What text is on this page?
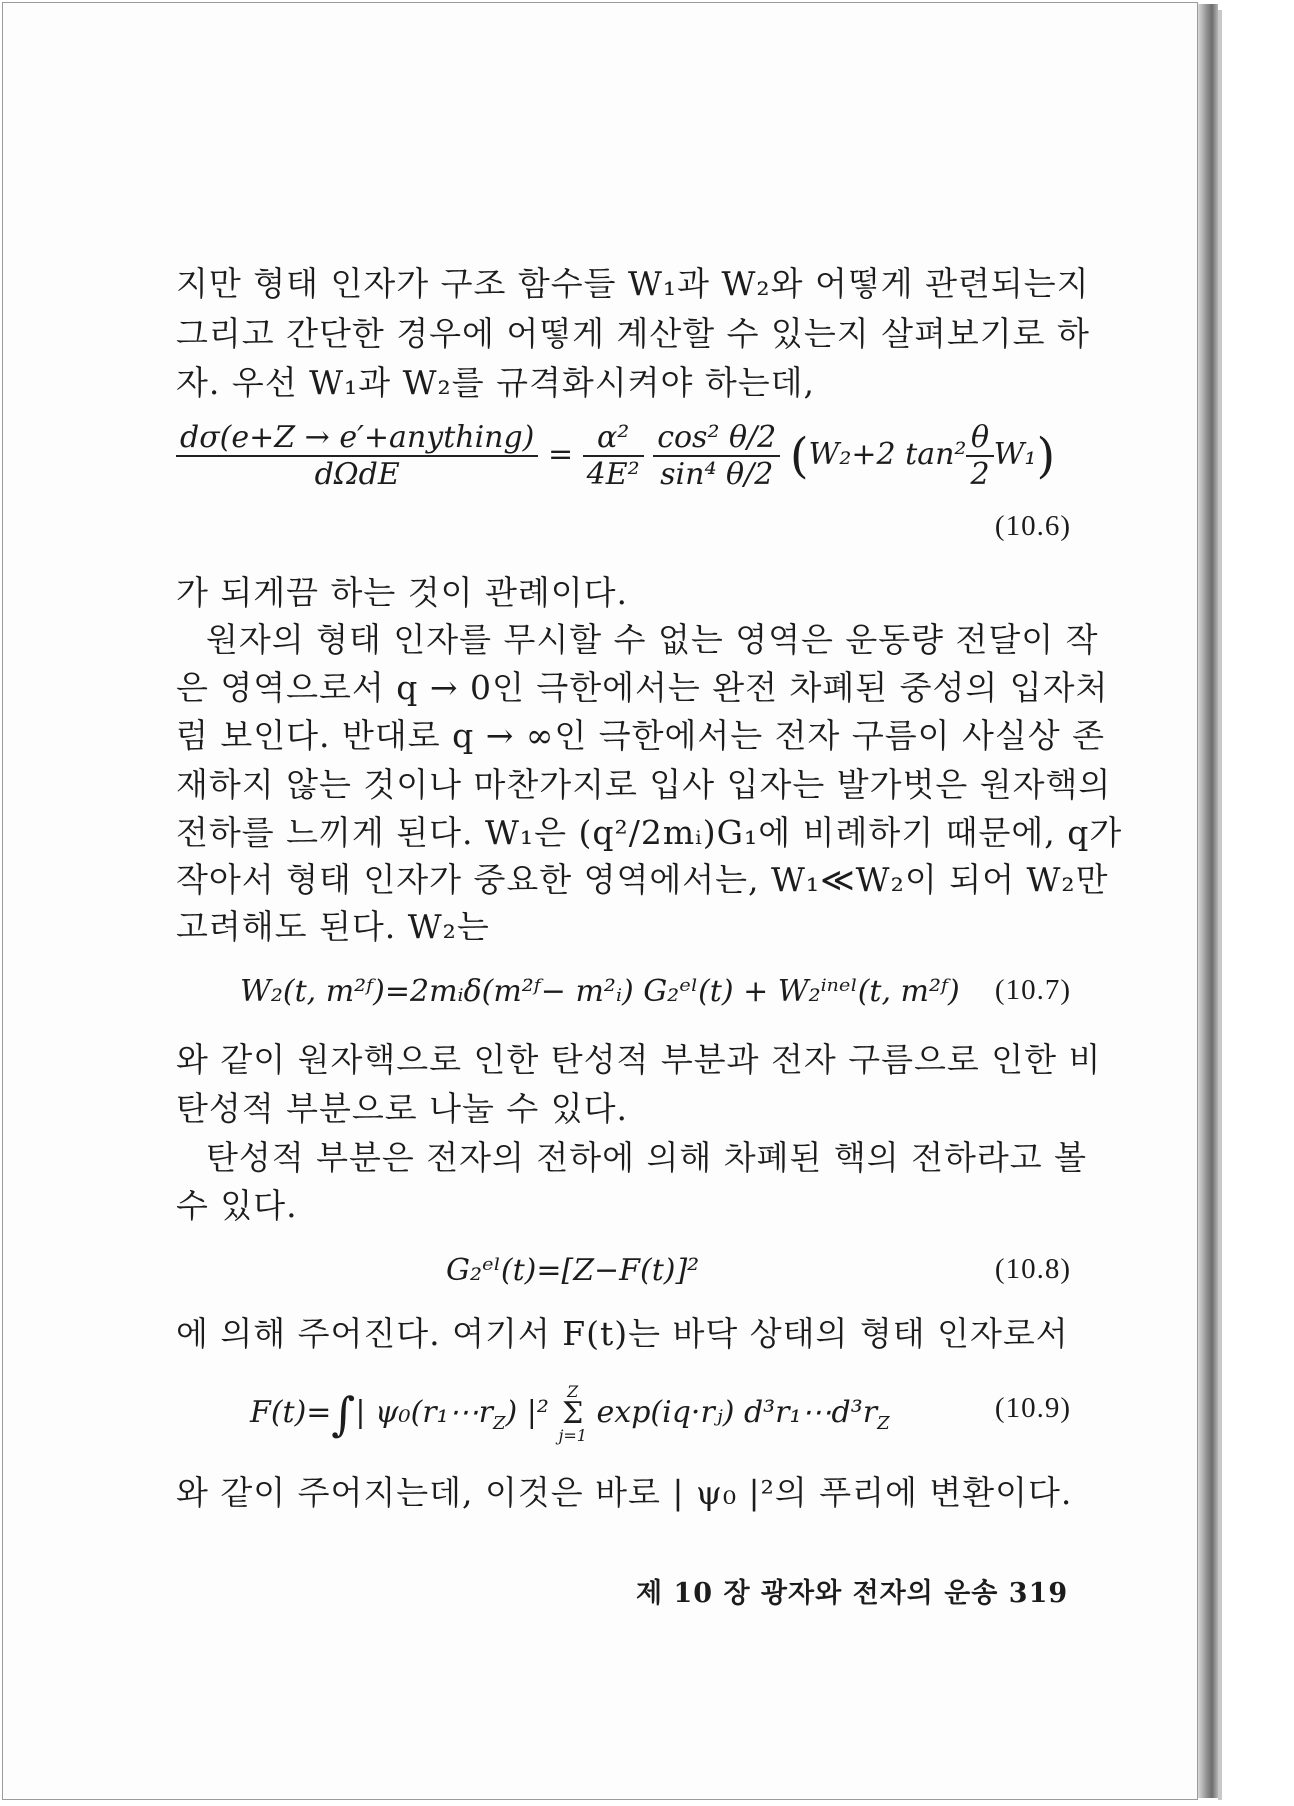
지만 형태 인자가 구조 함수들 W₁과 W₂와 어떻게 관련되는지
그리고 간단한 경우에 어떻게 계산할 수 있는지 살펴보기로 하
자. 우선 W₁과 W₂를 규격화시켜야 하는데,
$\frac{\text{dσ(e+Z → e′+anything)}}{\text{dΩdE}} = \frac{\text{α²}}{\text{4E²}}$
$\frac{\text{cos² θ/2}}{\text{sin⁴ θ/2}} (W_2+2$ $\tan^2 \frac{\theta}{2} W_1$)
(10.6)
가 되게끔 하는 것이 관례이다.
원자의 형태 인자를 무시할 수 없는 영역은 운동량 전달이 작
은 영역으로서 q → 0인 극한에서는 완전 차폐된 중성의 입자처
럼 보인다. 반대로 q → ∞인 극한에서는 전자 구름이 사실상 존
재하지 않는 것이나 마찬가지로 입사 입자는 발가벗은 원자핵의
전하를 느끼게 된다. W₁은 (q²/2mᵢ)G₁에 비례하기 때문에, q가
작아서 형태 인자가 중요한 영역에서는, W₁≪W₂이 되어 W₂만
고려해도 된다. W₂는
W₂(t, m²ᶠ)=2mᵢδ(m²ᶠ− m²ᵢ) G₂ᵉˡ(t) + W₂ⁱⁿᵉˡ(t, m²ᶠ) (10.7)
와 같이 원자핵으로 인한 탄성적 부분과 전자 구름으로 인한 비
탄성적 부분으로 나눌 수 있다.
탄성적 부분은 전자의 전하에 의해 차폐된 핵의 전하라고 볼
수 있다.
G₂ᵉˡ(t)=[Z−F(t)]²	(10.8)
에 의해 주어진다. 여기서 F(t)는 바닥 상태의 형태 인자로서
F(t)=∫| $\psi_0(r_1\cdots r_Z)$ |²
Z
Σ
j=1
exp(iq·rⱼ) $d^3r_1\cdots d^3r_Z$	(10.9)
와 같이 주어지는데, 이것은 바로 | ψ₀ |²의 푸리에 변환이다.
제 10 장 광자와 전자의 운송 319
